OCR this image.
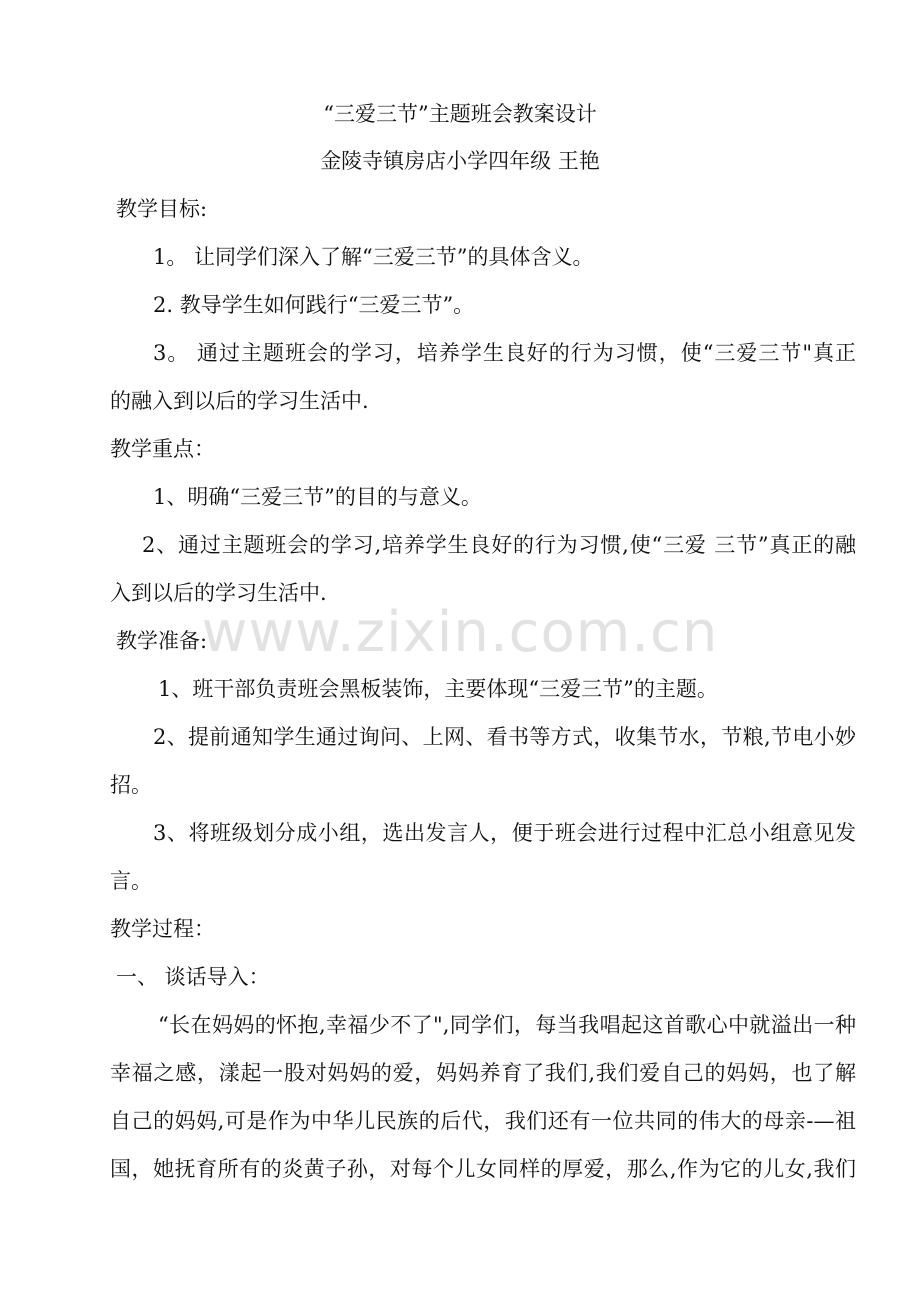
“三爱三节”主题班会教案设计
金陵寺镇房店小学四年级 王艳
教学目标:
1。 让同学们深入了解“三爱三节”的具体含义。
2. 教导学生如何践行“三爱三节”。
3。 通过主题班会的学习，培养学生良好的行为习惯，使“三爱三节"真正
的融入到以后的学习生活中.
教学重点：
1、明确“三爱三节”的目的与意义。
2、通过主题班会的学习,培养学生良好的行为习惯,使“三爱 三节”真正的融
入到以后的学习生活中.
教学准备:
1、班干部负责班会黑板装饰，主要体现“三爱三节”的主题。
2、提前通知学生通过询问、上网、看书等方式，收集节水，节粮,节电小妙
招。
3、将班级划分成小组，选出发言人，便于班会进行过程中汇总小组意见发
言。
教学过程：
一、 谈话导入：
“长在妈妈的怀抱,幸福少不了",同学们，每当我唱起这首歌心中就溢出一种
幸福之感，漾起一股对妈妈的爱，妈妈养育了我们,我们爱自己的妈妈，也了解
自己的妈妈,可是作为中华儿民族的后代，我们还有一位共同的伟大的母亲-—祖
国，她抚育所有的炎黄子孙，对每个儿女同样的厚爱，那么,作为它的儿女,我们
www.zixin.com.cn
